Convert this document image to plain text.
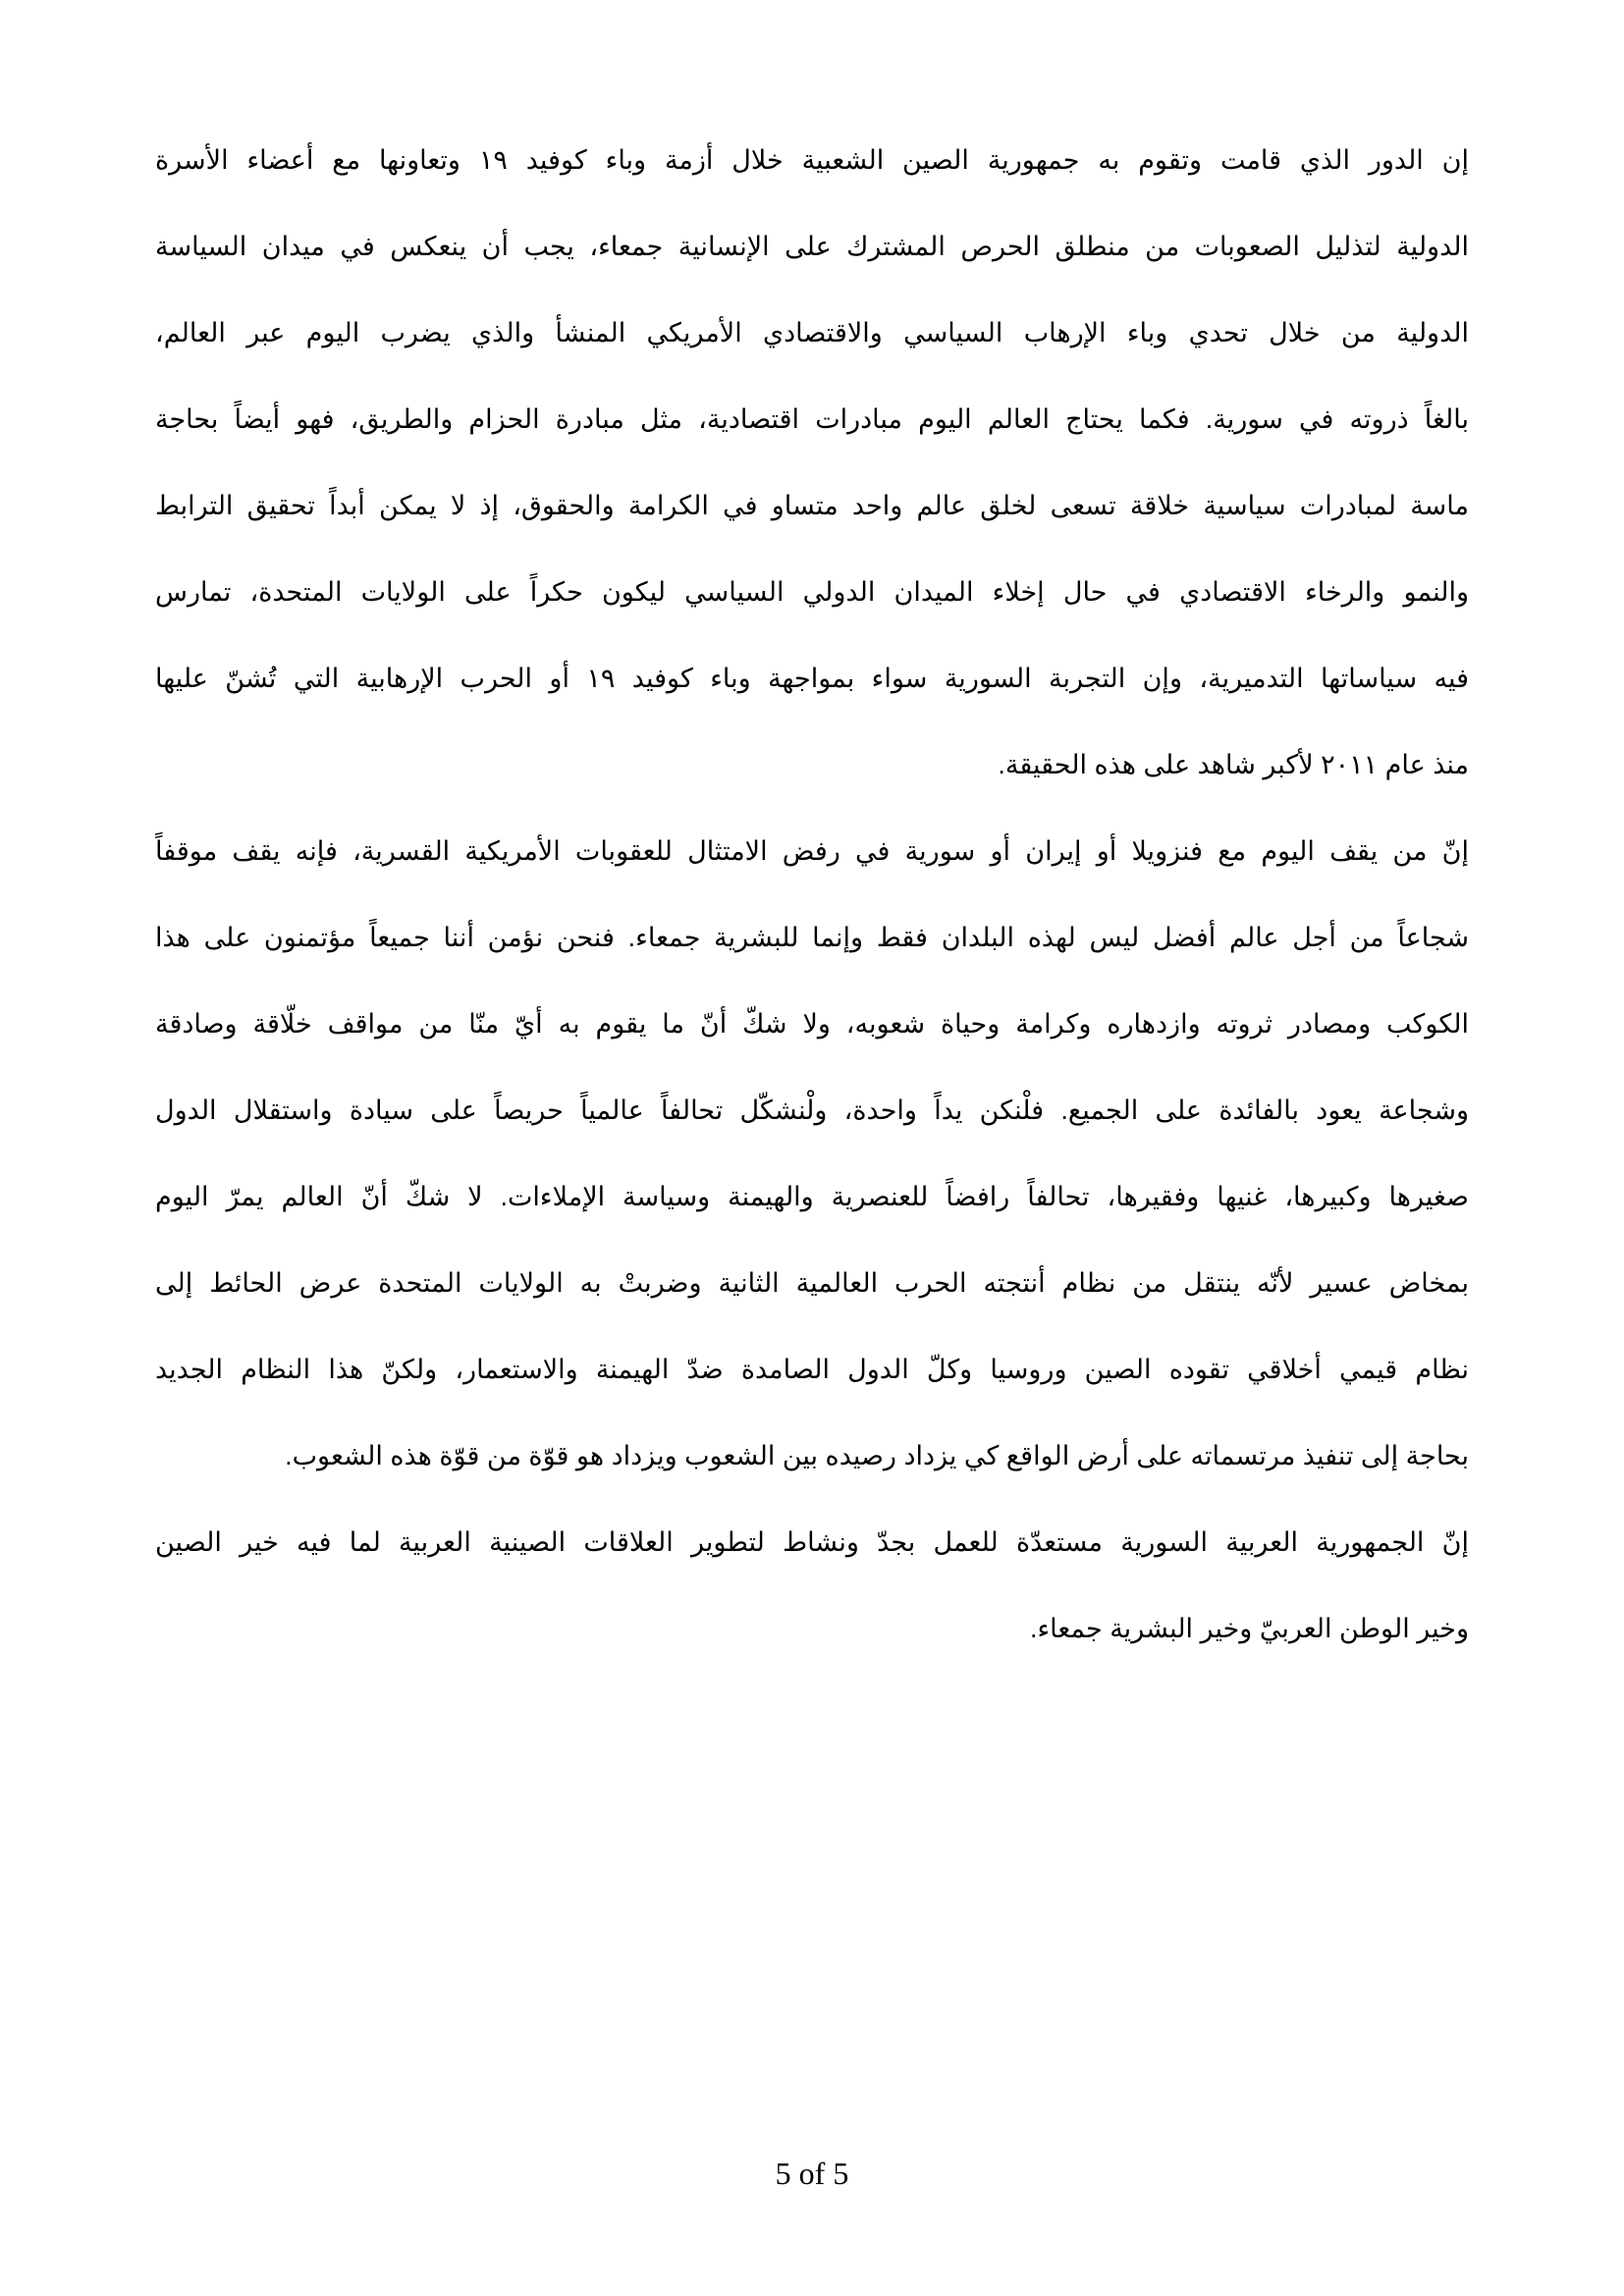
إن الدور الذي قامت وتقوم به جمهورية الصين الشعبية خلال أزمة وباء كوفيد ١٩ وتعاونها مع أعضاء الأسرة
الدولية لتذليل الصعوبات من منطلق الحرص المشترك على الإنسانية جمعاء، يجب أن ينعكس في ميدان السياسة
الدولية من خلال تحدي وباء الإرهاب السياسي والاقتصادي الأمريكي المنشأ والذي يضرب اليوم عبر العالم،
بالغاً ذروته في سورية. فكما يحتاج العالم اليوم مبادرات اقتصادية، مثل مبادرة الحزام والطريق، فهو أيضاً بحاجة
ماسة لمبادرات سياسية خلاقة تسعى لخلق عالم واحد متساو في الكرامة والحقوق، إذ لا يمكن أبداً تحقيق الترابط
والنمو والرخاء الاقتصادي في حال إخلاء الميدان الدولي السياسي ليكون حكراً على الولايات المتحدة، تمارس
فيه سياساتها التدميرية، وإن التجربة السورية سواء بمواجهة وباء كوفيد ١٩ أو الحرب الإرهابية التي تُشنّ عليها
منذ عام ٢٠١١ لأكبر شاهد على هذه الحقيقة.
إنّ من يقف اليوم مع فنزويلا أو إيران أو سورية في رفض الامتثال للعقوبات الأمريكية القسرية، فإنه يقف موقفاً
شجاعاً من أجل عالم أفضل ليس لهذه البلدان فقط وإنما للبشرية جمعاء. فنحن نؤمن أننا جميعاً مؤتمنون على هذا
الكوكب ومصادر ثروته وازدهاره وكرامة وحياة شعوبه، ولا شكّ أنّ ما يقوم به أيّ منّا من مواقف خلّاقة وصادقة
وشجاعة يعود بالفائدة على الجميع. فلْنكن يداً واحدة، ولْنشكّل تحالفاً عالمياً حريصاً على سيادة واستقلال الدول
صغيرها وكبيرها، غنيها وفقيرها، تحالفاً رافضاً للعنصرية والهيمنة وسياسة الإملاءات. لا شكّ أنّ العالم يمرّ اليوم
بمخاض عسير لأنّه ينتقل من نظام أنتجته الحرب العالمية الثانية وضربتْ به الولايات المتحدة عرض الحائط إلى
نظام قيمي أخلاقي تقوده الصين وروسيا وكلّ الدول الصامدة ضدّ الهيمنة والاستعمار، ولكنّ هذا النظام الجديد
بحاجة إلى تنفيذ مرتسماته على أرض الواقع كي يزداد رصيده بين الشعوب ويزداد هو قوّة من قوّة هذه الشعوب.
إنّ الجمهورية العربية السورية مستعدّة للعمل بجدّ ونشاط لتطوير العلاقات الصينية العربية لما فيه خير الصين
وخير الوطن العربيّ وخير البشرية جمعاء.
5 of 5
